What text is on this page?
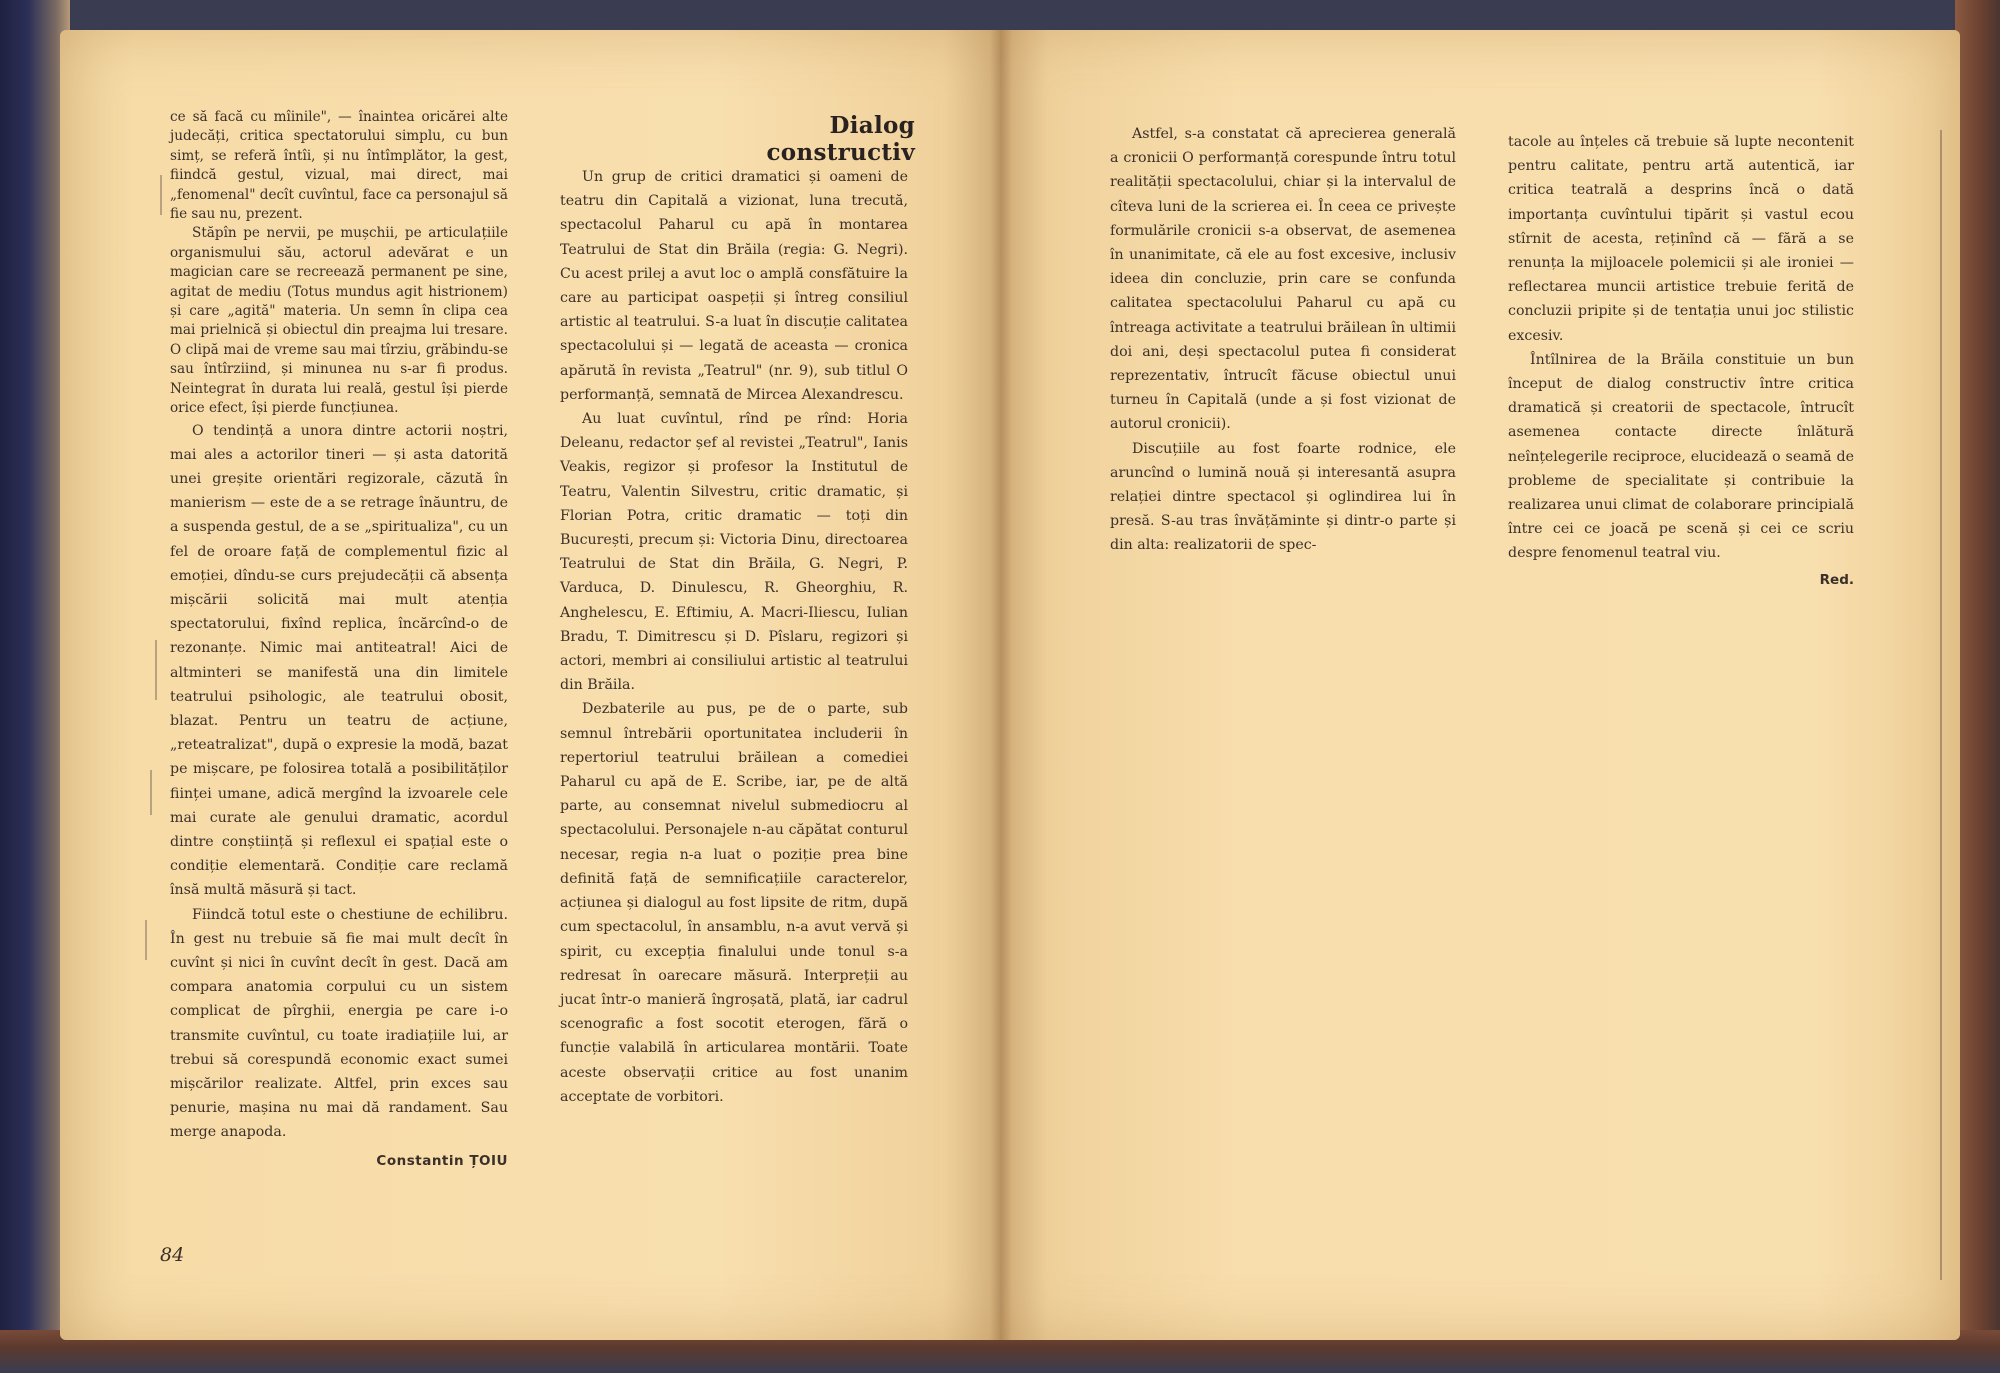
ce să facă cu mîinile", — înaintea oricărei alte judecăți, critica spectatorului simplu, cu bun simț, se referă întîi, și nu întîmplător, la gest, fiindcă gestul, vizual, mai direct, mai „fenomenal" decît cuvîntul, face ca personajul să fie sau nu, prezent.

Stăpîn pe nervii, pe mușchii, pe articulațiile organismului său, actorul adevărat e un magician care se recreează permanent pe sine, agitat de mediu (Totus mundus agit histrionem) și care „agită" materia. Un semn în clipa cea mai prielnică și obiectul din preajma lui tresare. O clipă mai de vreme sau mai tîrziu, grăbindu-se sau întîrziind, și minunea nu s-ar fi produs. Neintegrat în durata lui reală, gestul își pierde orice efect, își pierde funcțiunea.

O tendință a unora dintre actorii noștri, mai ales a actorilor tineri — și asta datorită unei greșite orientări regizorale, căzută în manierism — este de a se retrage înăuntru, de a suspenda gestul, de a se „spiritualiza", cu un fel de oroare față de complementul fizic al emoției, dîndu-se curs prejudecății că absența mișcării solicită mai mult atenția spectatorului, fixînd replica, încărcînd-o de rezonanțe. Nimic mai antiteatral! Aici de altminteri se manifestă una din limitele teatrului psihologic, ale teatrului obosit, blazat. Pentru un teatru de acțiune, „reteatralizat", după o expresie la modă, bazat pe mișcare, pe folosirea totală a posibilităților ființei umane, adică mergînd la izvoarele cele mai curate ale genului dramatic, acordul dintre conștiință și reflexul ei spațial este o condiție elementară. Condiție care reclamă însă multă măsură și tact.

Fiindcă totul este o chestiune de echilibru. În gest nu trebuie să fie mai mult decît în cuvînt și nici în cuvînt decît în gest. Dacă am compara anatomia corpului cu un sistem complicat de pîrghii, energia pe care i-o transmite cuvîntul, cu toate iradiațiile lui, ar trebui să corespundă economic exact sumei mișcărilor realizate. Altfel, prin exces sau penurie, mașina nu mai dă randament. Sau merge anapoda.

Constantin ȚOIU
Dialog constructiv

Un grup de critici dramatici și oameni de teatru din Capitală a vizionat, luna trecută, spectacolul Paharul cu apă în montarea Teatrului de Stat din Brăila (regia: G. Negri). Cu acest prilej a avut loc o amplă consfătuire la care au participat oaspeții și întreg consiliul artistic al teatrului. S-a luat în discuție calitatea spectacolului și — legată de aceasta — cronica apărută în revista „Teatrul" (nr. 9), sub titlul O performanță, semnată de Mircea Alexandrescu.

Au luat cuvîntul, rînd pe rînd: Horia Deleanu, redactor șef al revistei „Teatrul", Ianis Veakis, regizor și profesor la Institutul de Teatru, Valentin Silvestru, critic dramatic, și Florian Potra, critic dramatic — toți din București, precum și: Victoria Dinu, directoarea Teatrului de Stat din Brăila, G. Negri, P. Varduca, D. Dinulescu, R. Gheorghiu, R. Anghelescu, E. Eftimiu, A. Macri-Iliescu, Iulian Bradu, T. Dimitrescu și D. Pîslaru, regizori și actori, membri ai consiliului artistic al teatrului din Brăila.

Dezbaterile au pus, pe de o parte, sub semnul întrebării oportunitatea includerii în repertoriul teatrului brăilean a comediei Paharul cu apă de E. Scribe, iar, pe de altă parte, au consemnat nivelul submediocru al spectacolului. Personajele n-au căpătat conturul necesar, regia n-a luat o poziție prea bine definită față de semnificațiile caracterelor, acțiunea și dialogul au fost lipsite de ritm, după cum spectacolul, în ansamblu, n-a avut vervă și spirit, cu excepția finalului unde tonul s-a redresat în oarecare măsură. Interpreții au jucat într-o manieră îngroșată, plată, iar cadrul scenografic a fost socotit eterogen, fără o funcție valabilă în articularea montării. Toate aceste observații critice au fost unanim acceptate de vorbitori.

Astfel, s-a constatat că aprecierea generală a cronicii O performanță corespunde întru totul realității spectacolului, chiar și la intervalul de cîteva luni de la scrierea ei. În ceea ce privește formulările cronicii s-a observat, de asemenea în unanimitate, că ele au fost excesive, inclusiv ideea din concluzie, prin care se confunda calitatea spectacolului Paharul cu apă cu întreaga activitate a teatrului brăilean în ultimii doi ani, deși spectacolul putea fi considerat reprezentativ, întrucît făcuse obiectul unui turneu în Capitală (unde a și fost vizionat de autorul cronicii).

Discuțiile au fost foarte rodnice, ele aruncînd o lumină nouă și interesantă asupra relației dintre spectacol și oglindirea lui în presă. S-au tras învățăminte și dintr-o parte și din alta: realizatorii de spec-

tacole au înțeles că trebuie să lupte necontenit pentru calitate, pentru artă autentică, iar critica teatrală a desprins încă o dată importanța cuvîntului tipărit și vastul ecou stîrnit de acesta, reținînd că — fără a se renunța la mijloacele polemicii și ale ironiei — reflectarea muncii artistice trebuie ferită de concluzii pripite și de tentația unui joc stilistic excesiv.

Întîlnirea de la Brăila constituie un bun început de dialog constructiv între critica dramatică și creatorii de spectacole, întrucît asemenea contacte directe înlătură neînțelegerile reciproce, elucidează o seamă de probleme de specialitate și contribuie la realizarea unui climat de colaborare principială între cei ce joacă pe scenă și cei ce scriu despre fenomenul teatral viu.

Red.
84
